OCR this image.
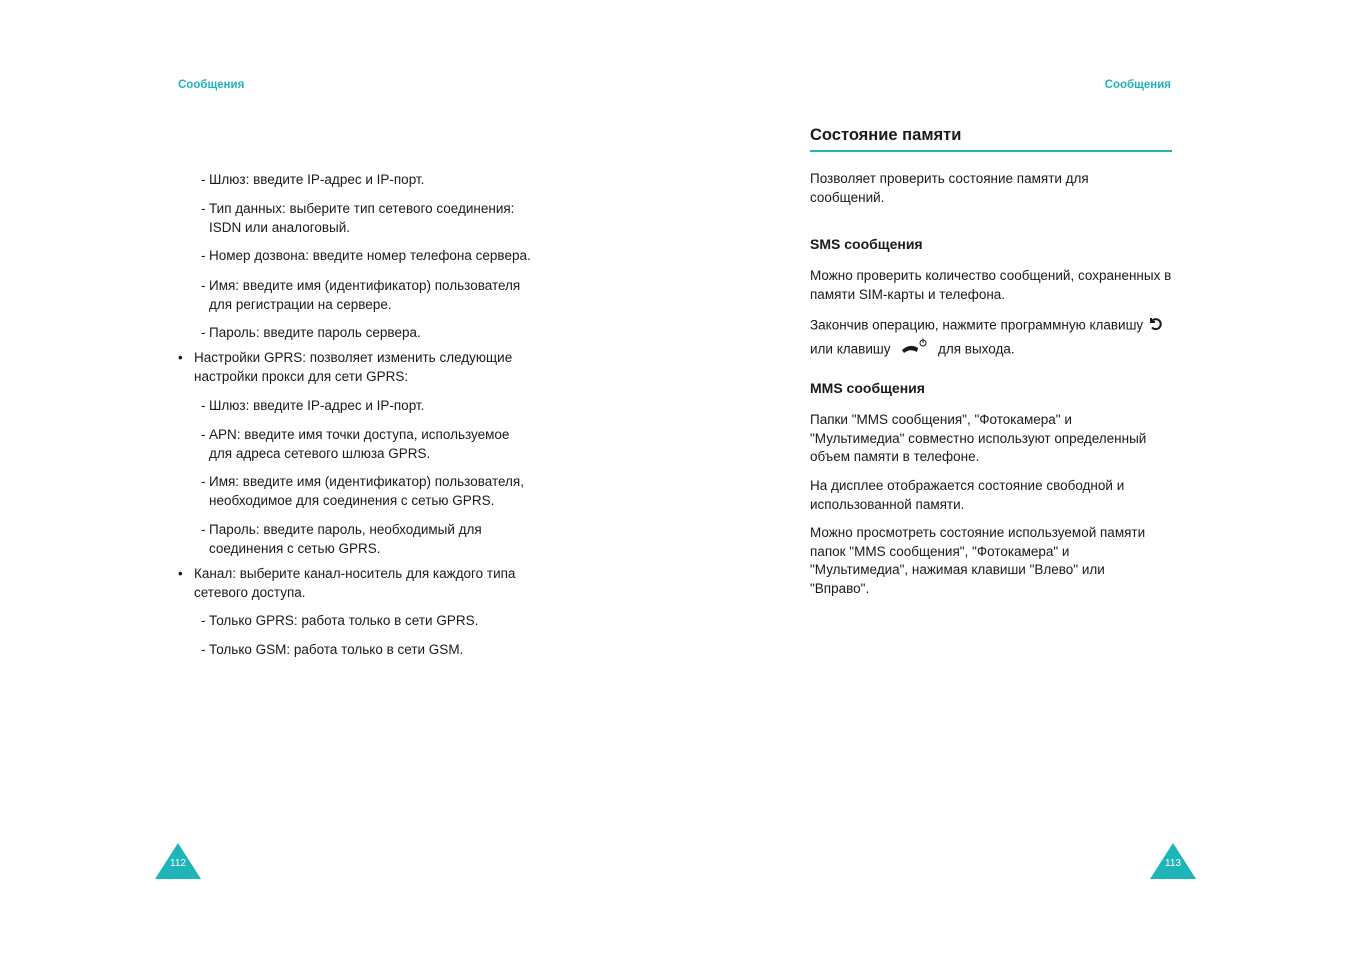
Сообщения	Сообщения
- Шлюз: введите IP-адрес и IP-порт.
- Тип данных: выберите тип сетевого соединения: ISDN или аналоговый.
- Номер дозвона: введите номер телефона сервера.
- Имя: введите имя (идентификатор) пользователя для регистрации на сервере.
- Пароль: введите пароль сервера.
• Настройки GPRS: позволяет изменить следующие настройки прокси для сети GPRS:
- Шлюз: введите IP-адрес и IP-порт.
- APN: введите имя точки доступа, используемое для адреса сетевого шлюза GPRS.
- Имя: введите имя (идентификатор) пользователя, необходимое для соединения с сетью GPRS.
- Пароль: введите пароль, необходимый для соединения с сетью GPRS.
• Канал: выберите канал-носитель для каждого типа сетевого доступа.
- Только GPRS: работа только в сети GPRS.
- Только GSM: работа только в сети GSM.
Состояние памяти
Позволяет проверить состояние памяти для сообщений.
SMS сообщения
Можно проверить количество сообщений, сохраненных в памяти SIM-карты и телефона.
Закончив операцию, нажмите программную клавишу
или клавишу	для выхода.
MMS сообщения
Папки "MMS сообщения", "Фотокамера" и "Мультимедиа" совместно используют определенный объем памяти в телефоне.
На дисплее отображается состояние свободной и использованной памяти.
Можно просмотреть состояние используемой памяти папок "MMS сообщения", "Фотокамера" и "Мультимедиа", нажимая клавиши "Влево" или "Вправо".
112	113
